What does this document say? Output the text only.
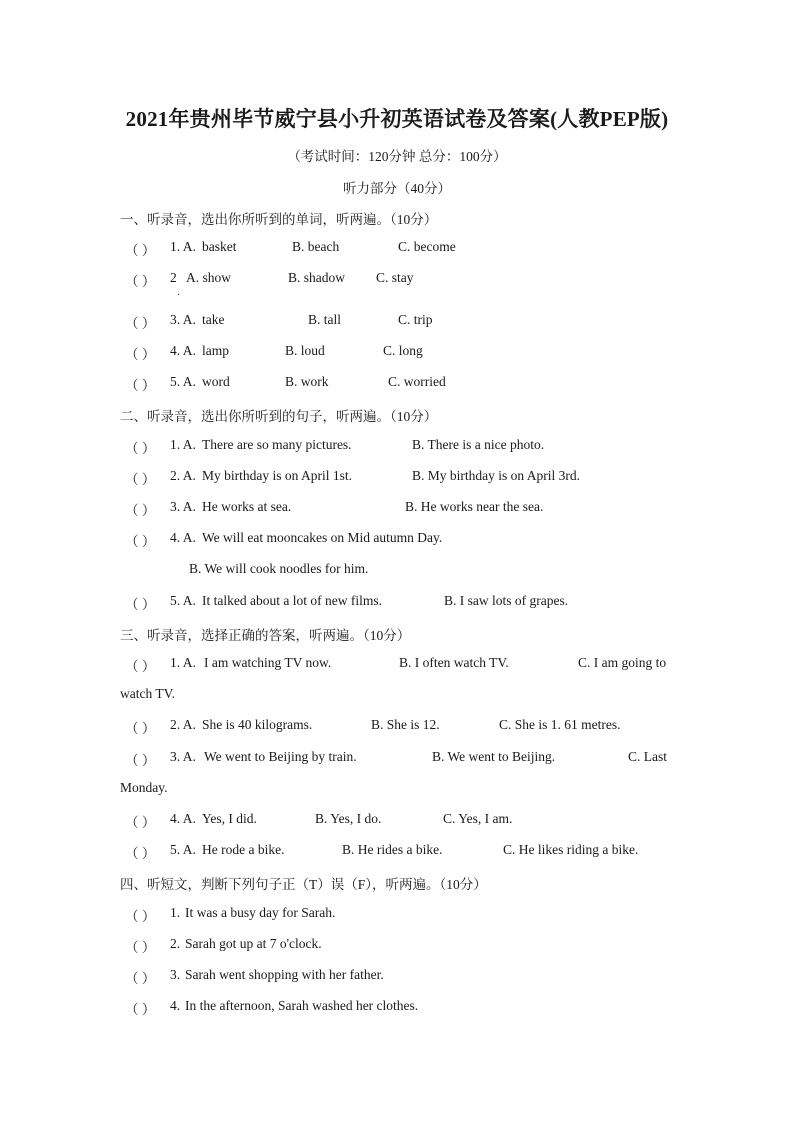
2021年贵州毕节威宁县小升初英语试卷及答案(人教PEP版)
（考试时间：120分钟 总分：100分）
听力部分（40分）
一、听录音，选出你所听到的单词，听两遍。（10分）
（ ） 1. A. basket	B. beach	C. become
（ ） 2
·
A. show	B. shadow C. stay
（ ） 3. A. take	B. tall	C. trip
（ ） 4. A. lamp	B. loud	C. long
（ ） 5. A. word	B. work	C. worried
二、听录音，选出你所听到的句子，听两遍。（10分）
（ ） 1. A. There are so many pictures.	B. There is a nice photo.
（ ） 2. A. My birthday is on April 1st.	B. My birthday is on April 3rd.
（ ） 3. A. He works at sea.	B. He works near the sea.
（ ） 4. A. We will eat mooncakes on Mid autumn Day.
B. We will cook noodles for him.
（ ） 5. A. It talked about a lot of new films.	B. I saw lots of grapes.
三、听录音，选择正确的答案，听两遍。（10分）
（ ） 1. A. I am watching TV now.	B. I often watch TV.	C. I am going to
watch TV.
（ ） 2. A. She is 40 kilograms.	B. She is 12.	C. She is 1. 61 metres.
（ ） 3. A. We went to Beijing by train.	B. We went to Beijing.	C. Last
Monday.
（ ） 4. A. Yes, I did.	B. Yes, I do.	C. Yes, I am.
（ ） 5. A. He rode a bike.	B. He rides a bike.	C. He likes riding a bike.
四、听短文，判断下列句子正（T）误（F），听两遍。（10分）
（ ） 1. It was a busy day for Sarah.
（ ） 2. Sarah got up at 7 o'clock.
（ ） 3. Sarah went shopping with her father.
（ ） 4. In the afternoon, Sarah washed her clothes.
